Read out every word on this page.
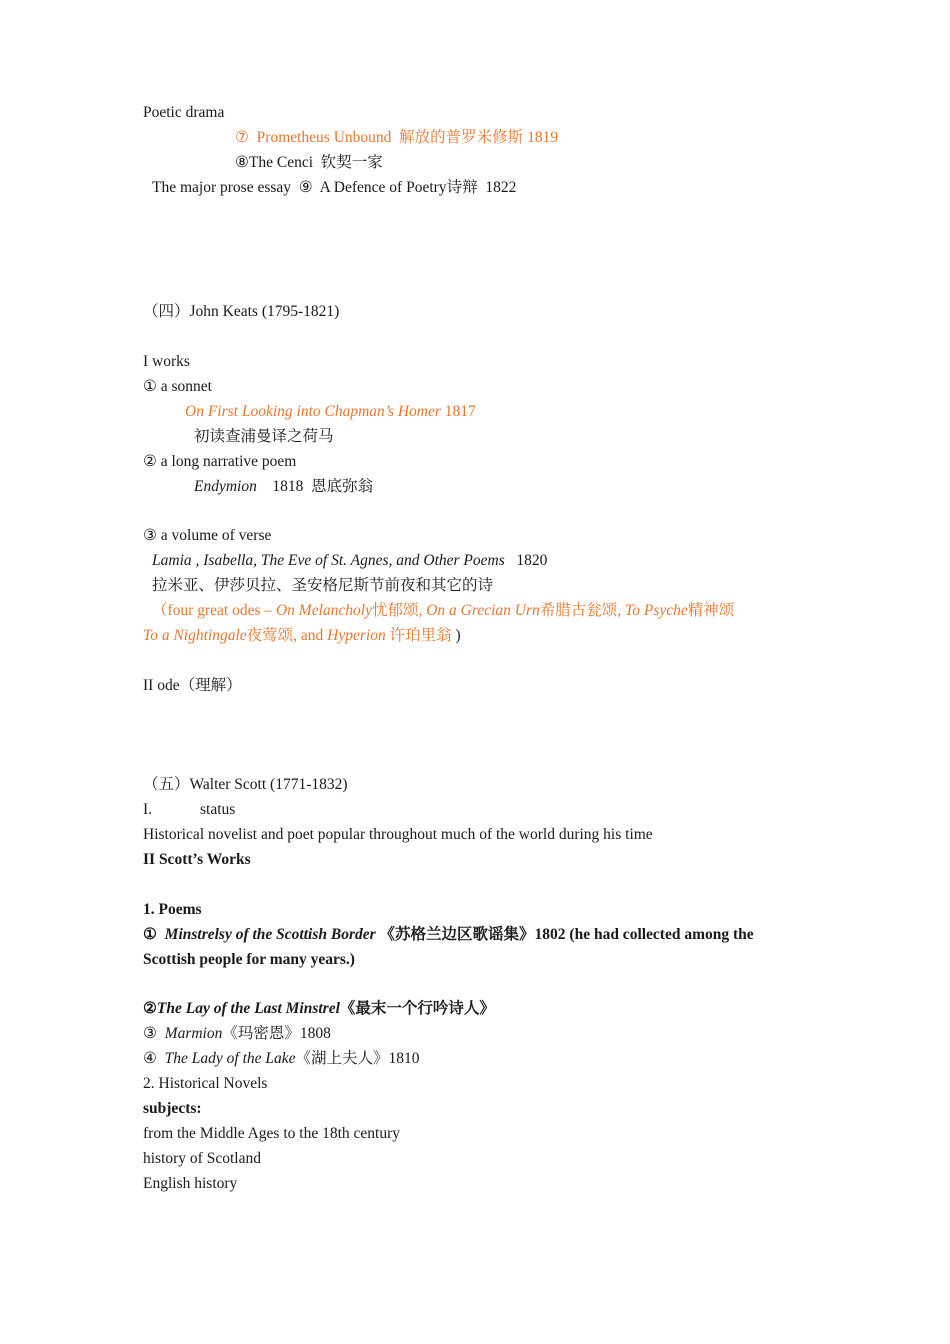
Poetic drama
⑦ Prometheus Unbound 解放的普罗米修斯 1819
⑧The Cenci 钦契一家
The major prose essay ⑨ A Defence of Poetry诗辩 1822
（四）John Keats (1795-1821)
I works
① a sonnet
On First Looking into Chapman’s Homer 1817
初读查浦曼译之荷马
② a long narrative poem
Endymion 1818 恩底弥翁
③ a volume of verse
Lamia , Isabella, The Eve of St. Agnes, and Other Poems 1820
拉米亚、伊莎贝拉、圣安格尼斯节前夜和其它的诗
（four great odes – On Melancholy忧郁颂, On a Grecian Urn希腊古瓮颂, To Psyche精神颂
To a Nightingale夜莺颂, and Hyperion 许珀里翁 )
II ode（理解）
（五）Walter Scott (1771-1832)
I.	status
Historical novelist and poet popular throughout much of the world during his time
II Scott’s Works
1. Poems
① Minstrelsy of the Scottish Border 《苏格兰边区歌谣集》1802 (he had collected among the
Scottish people for many years.)
②The Lay of the Last Minstrel《最末一个行吟诗人》
③ Marmion《玛密恩》1808
④ The Lady of the Lake《湖上夫人》1810
2. Historical Novels
subjects:
from the Middle Ages to the 18th century
history of Scotland
English history
